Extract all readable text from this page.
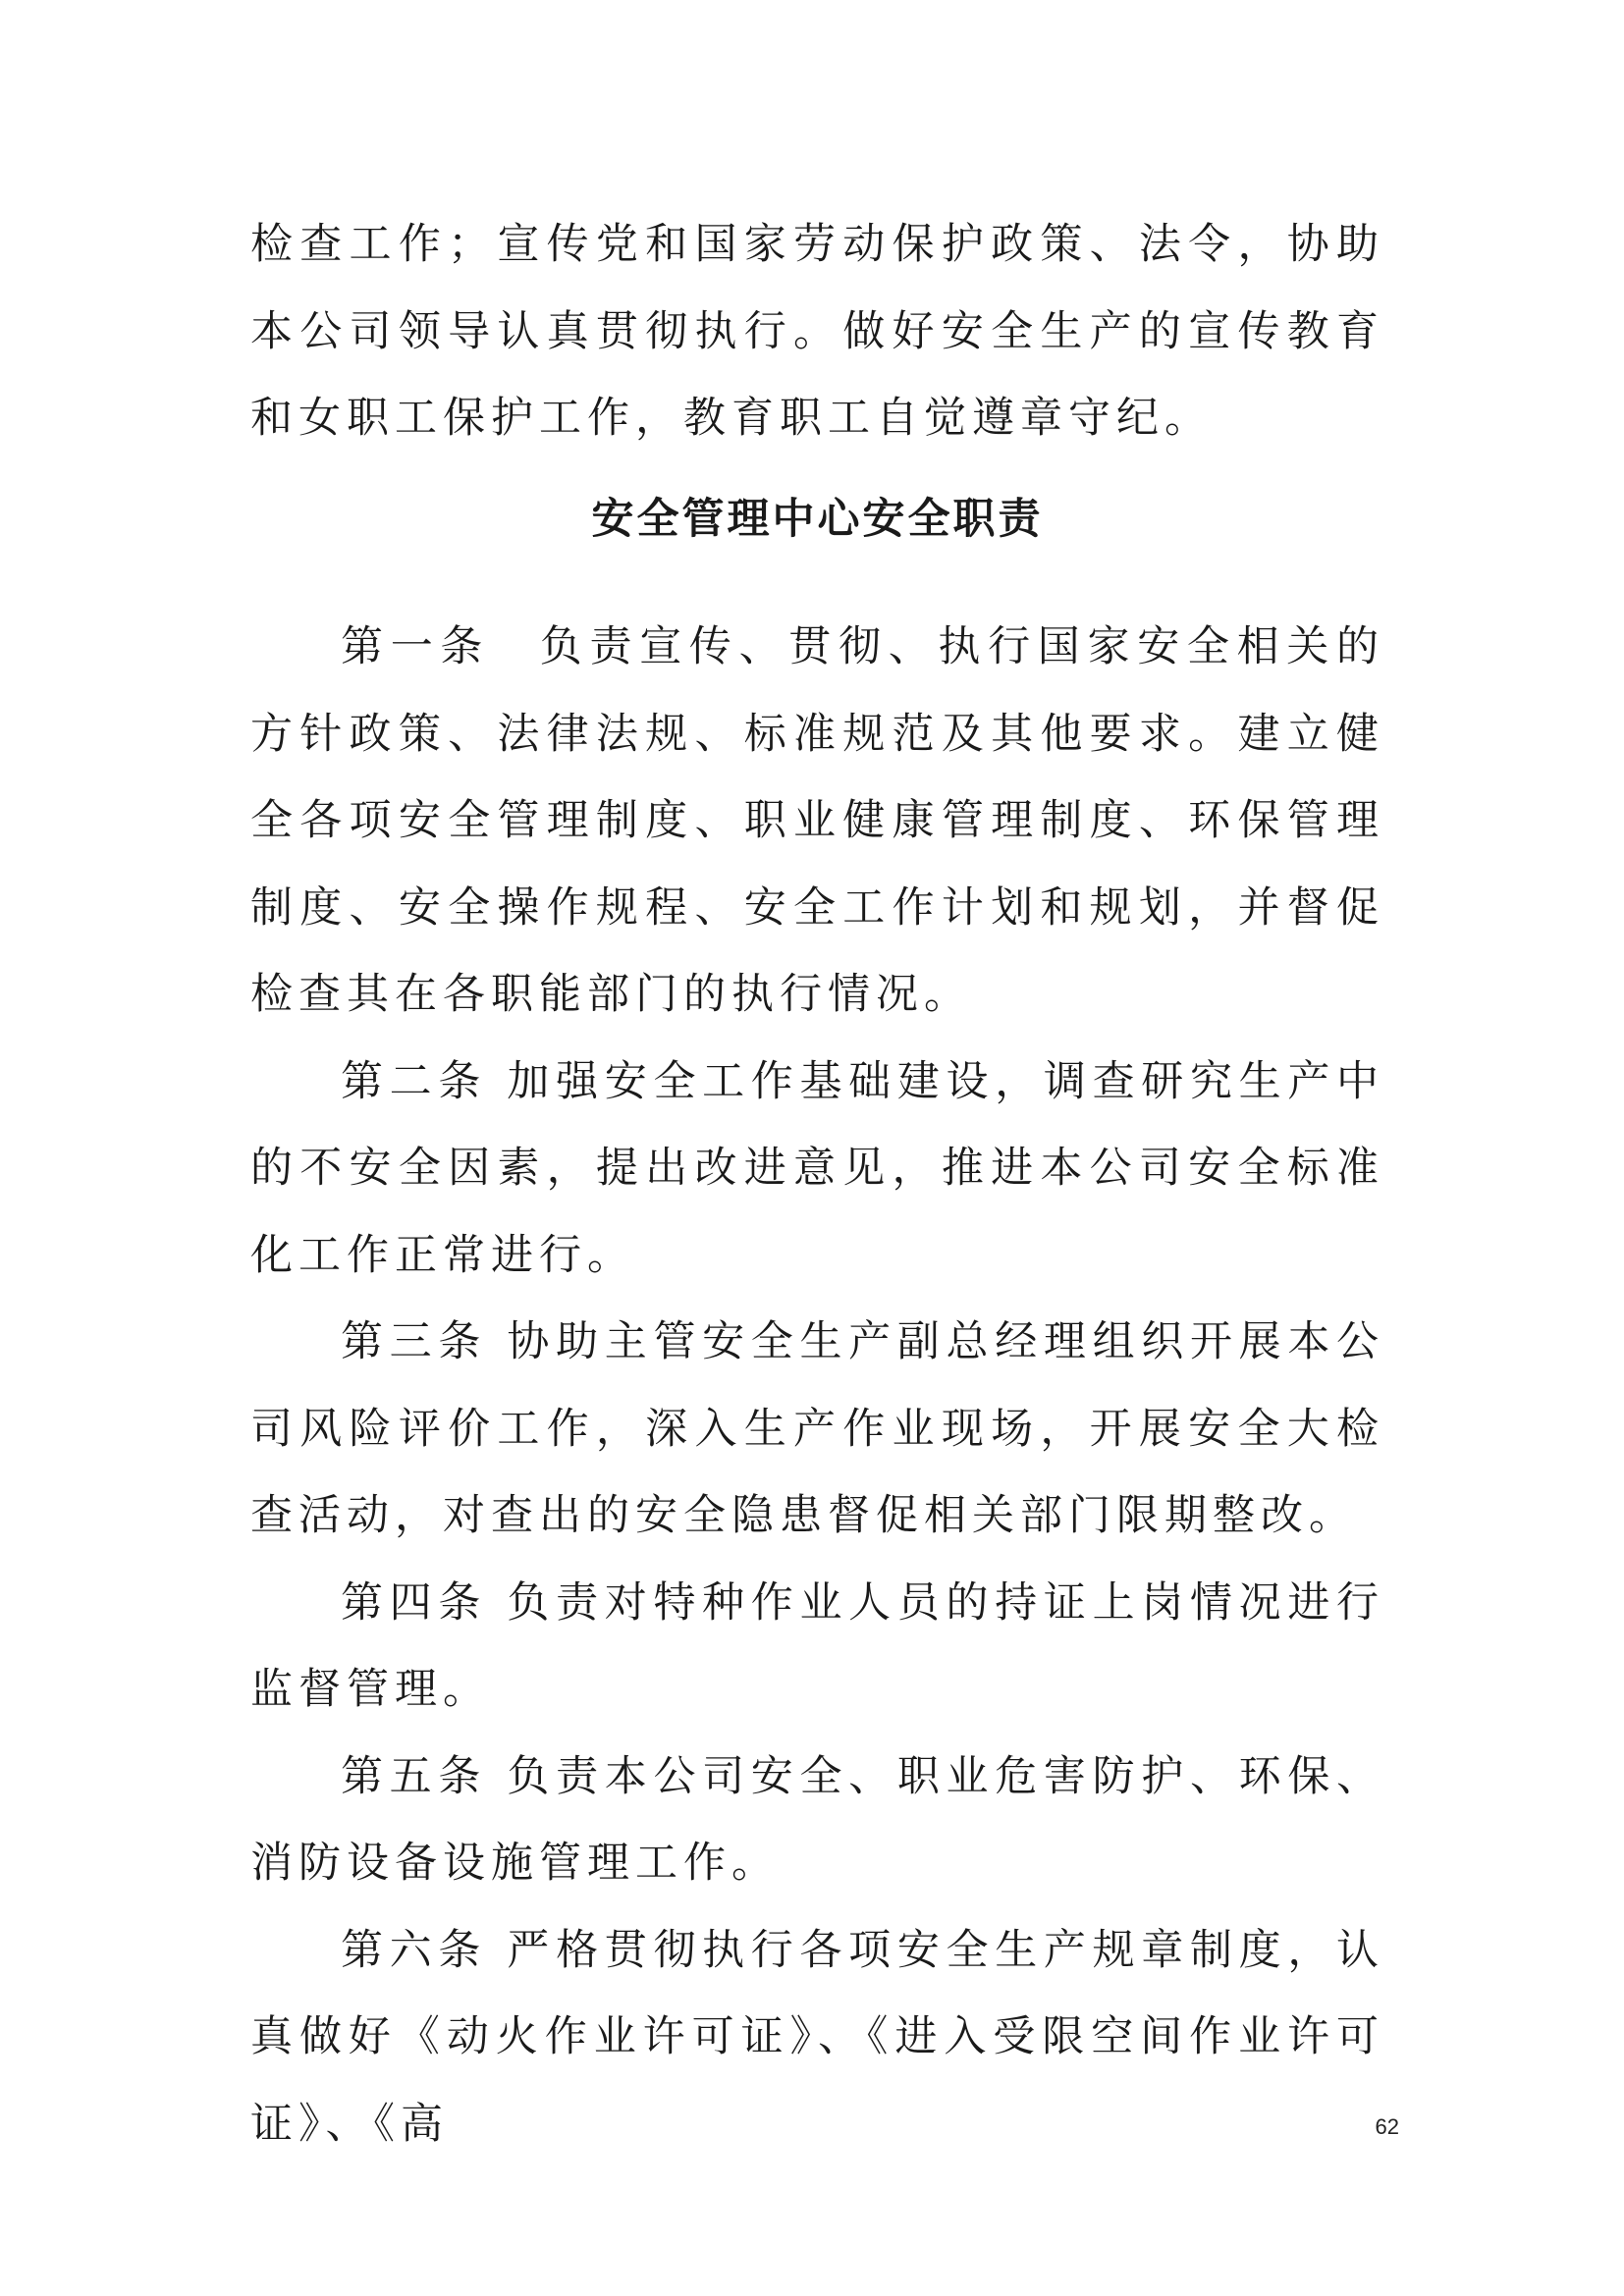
检查工作；宣传党和国家劳动保护政策、法令，协助本公司领导认真贯彻执行。做好安全生产的宣传教育和女职工保护工作，教育职工自觉遵章守纪。

安全管理中心安全职责

第一条　负责宣传、贯彻、执行国家安全相关的方针政策、法律法规、标准规范及其他要求。建立健全各项安全管理制度、职业健康管理制度、环保管理制度、安全操作规程、安全工作计划和规划，并督促检查其在各职能部门的执行情况。

第二条 加强安全工作基础建设，调查研究生产中的不安全因素，提出改进意见，推进本公司安全标准化工作正常进行。

第三条 协助主管安全生产副总经理组织开展本公司风险评价工作，深入生产作业现场，开展安全大检查活动，对查出的安全隐患督促相关部门限期整改。

第四条 负责对特种作业人员的持证上岗情况进行监督管理。

第五条 负责本公司安全、职业危害防护、环保、消防设备设施管理工作。

第六条 严格贯彻执行各项安全生产规章制度，认真做好《动火作业许可证》、《进入受限空间作业许可证》、《高	62
